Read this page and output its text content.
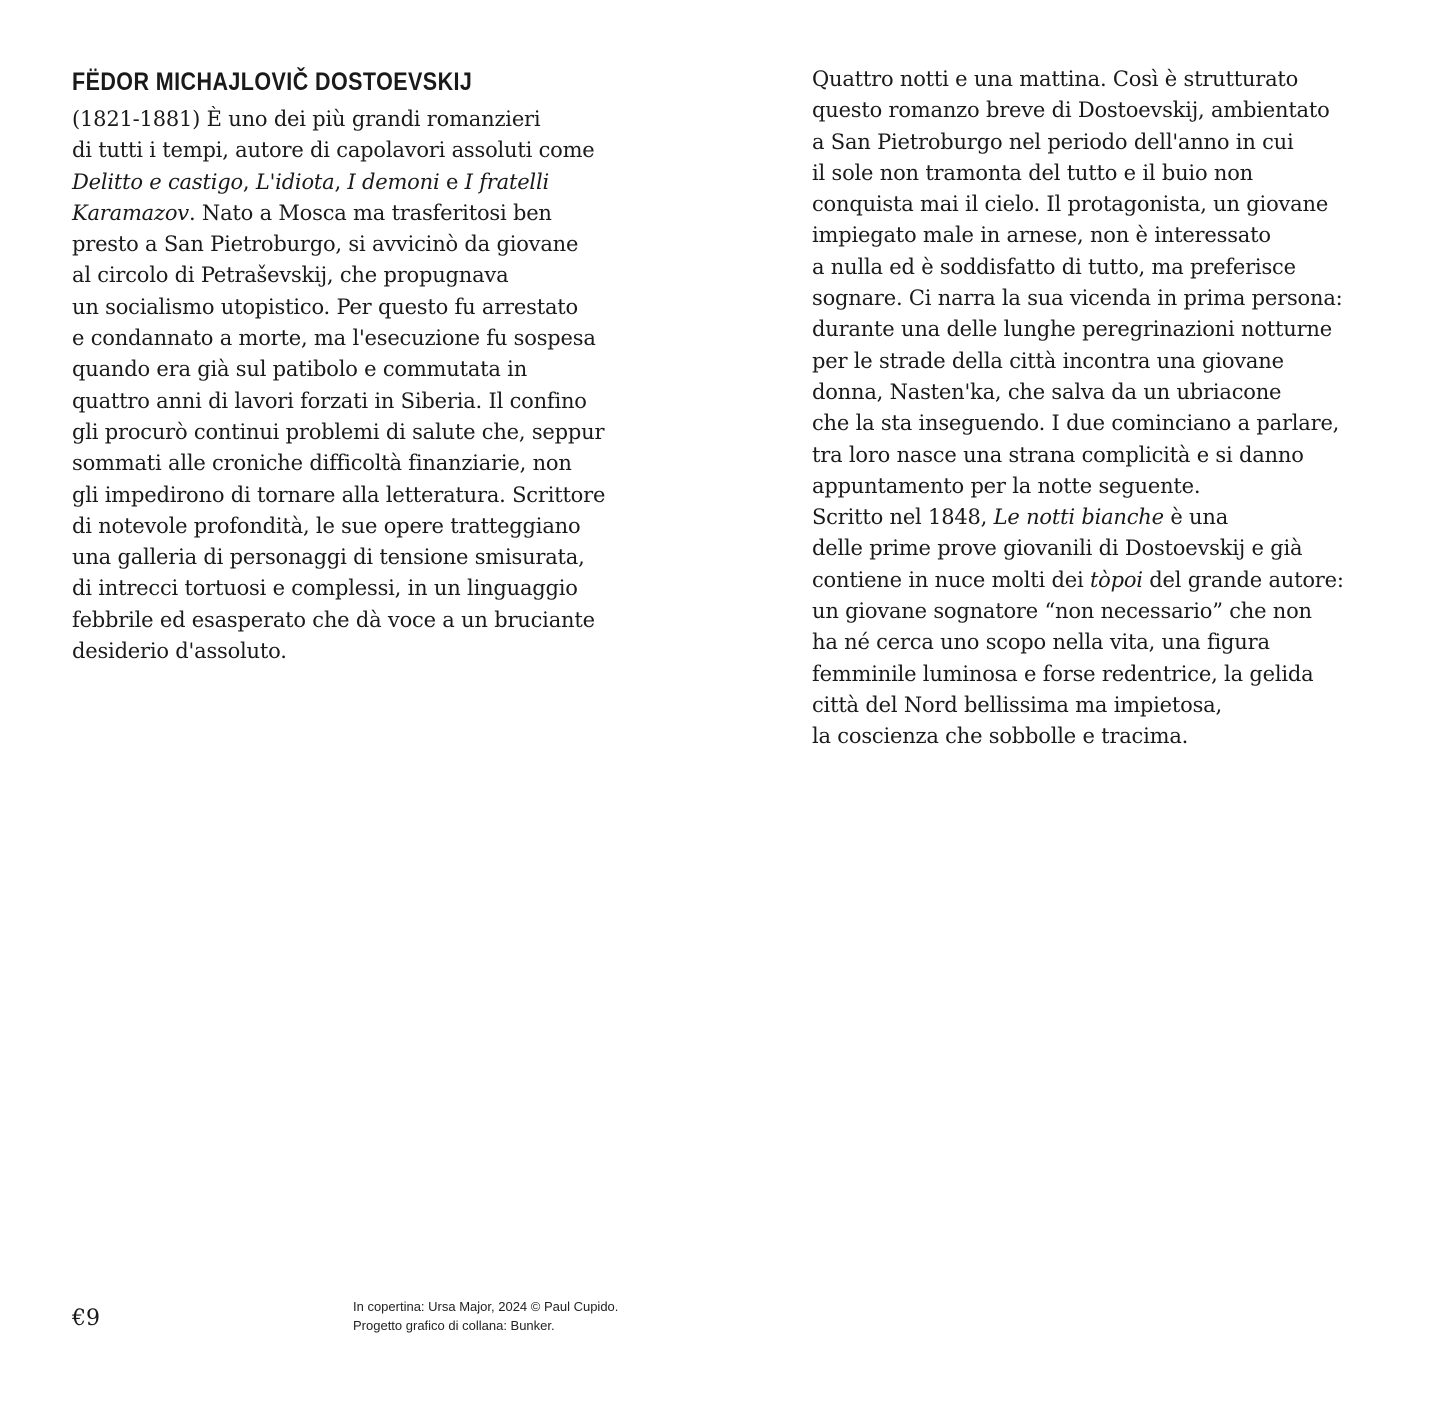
FËDOR MICHAJLOVIČ DOSTOEVSKIJ

(1821-1881) È uno dei più grandi romanzieri
di tutti i tempi, autore di capolavori assoluti come
Delitto e castigo, L'idiota, I demoni e I fratelli
Karamazov. Nato a Mosca ma trasferitosi ben
presto a San Pietroburgo, si avvicinò da giovane
al circolo di Petraševskij, che propugnava
un socialismo utopistico. Per questo fu arrestato
e condannato a morte, ma l'esecuzione fu sospesa
quando era già sul patibolo e commutata in
quattro anni di lavori forzati in Siberia. Il confino
gli procurò continui problemi di salute che, seppur
sommati alle croniche difficoltà finanziarie, non
gli impedirono di tornare alla letteratura. Scrittore
di notevole profondità, le sue opere tratteggiano
una galleria di personaggi di tensione smisurata,
di intrecci tortuosi e complessi, in un linguaggio
febbrile ed esasperato che dà voce a un bruciante
desiderio d'assoluto.

Quattro notti e una mattina. Così è strutturato
questo romanzo breve di Dostoevskij, ambientato
a San Pietroburgo nel periodo dell'anno in cui
il sole non tramonta del tutto e il buio non
conquista mai il cielo. Il protagonista, un giovane
impiegato male in arnese, non è interessato
a nulla ed è soddisfatto di tutto, ma preferisce
sognare. Ci narra la sua vicenda in prima persona:
durante una delle lunghe peregrinazioni notturne
per le strade della città incontra una giovane
donna, Nasten'ka, che salva da un ubriacone
che la sta inseguendo. I due cominciano a parlare,
tra loro nasce una strana complicità e si danno
appuntamento per la notte seguente.
Scritto nel 1848, Le notti bianche è una
delle prime prove giovanili di Dostoevskij e già
contiene in nuce molti dei tòpoi del grande autore:
un giovane sognatore “non necessario” che non
ha né cerca uno scopo nella vita, una figura
femminile luminosa e forse redentrice, la gelida
città del Nord bellissima ma impietosa,
la coscienza che sobbolle e tracima.

€9	In copertina: Ursa Major, 2024 © Paul Cupido.
Progetto grafico di collana: Bunker.
